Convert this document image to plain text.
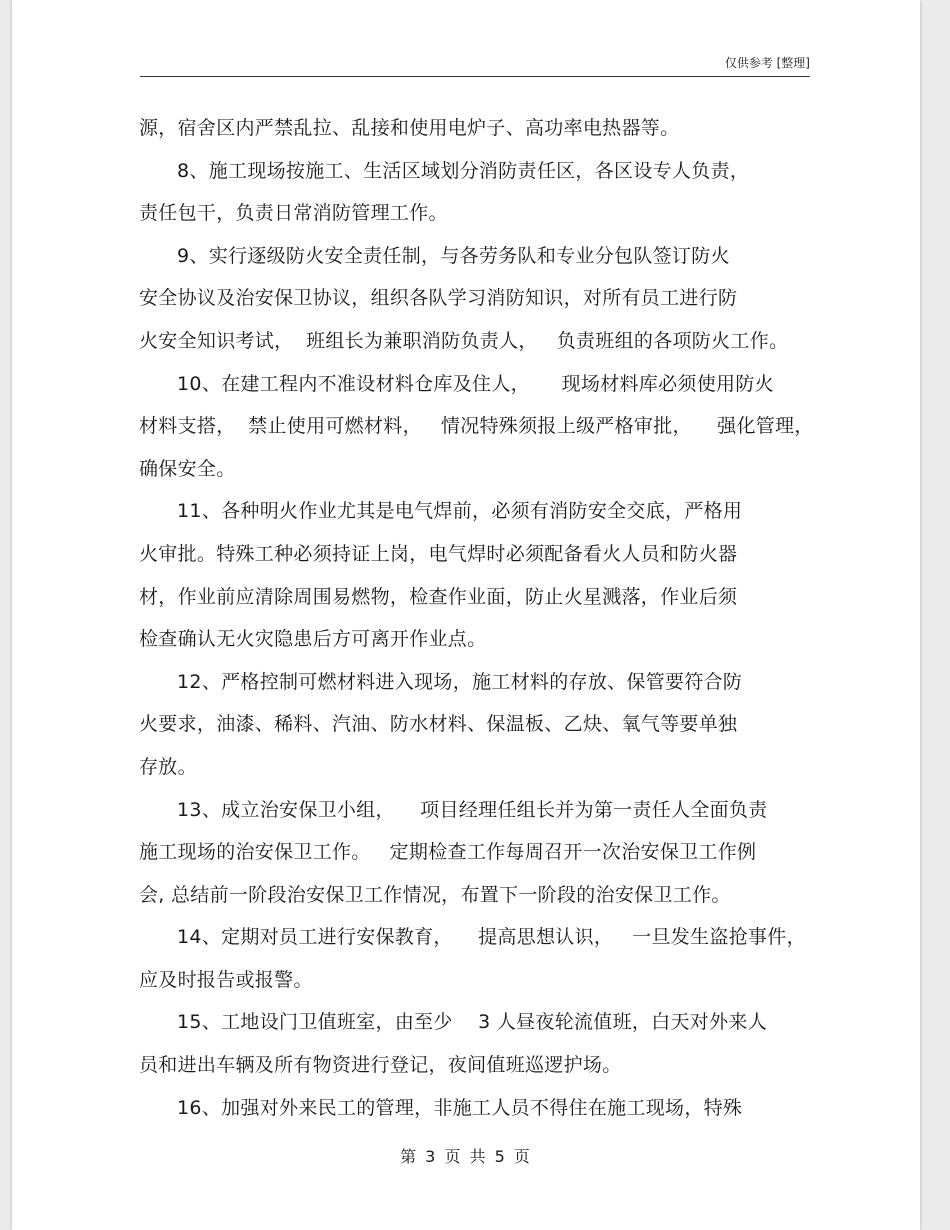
仅供参考 [整理]

源，宿舍区内严禁乱拉、乱接和使用电炉子、高功率电热器等。

8、施工现场按施工、生活区域划分消防责任区，各区设专人负责，
责任包干，负责日常消防管理工作。

9、实行逐级防火安全责任制，与各劳务队和专业分包队签订防火
安全协议及治安保卫协议，组织各队学习消防知识，对所有员工进行防
火安全知识考试，  班组长为兼职消防负责人，   负责班组的各项防火工作。

10、在建工程内不准设材料仓库及住人，     现场材料库必须使用防火
材料支搭，  禁止使用可燃材料，   情况特殊须报上级严格审批，    强化管理，
确保安全。

11、各种明火作业尤其是电气焊前，必须有消防安全交底，严格用
火审批。特殊工种必须持证上岗，电气焊时必须配备看火人员和防火器
材，作业前应清除周围易燃物，检查作业面，防止火星溅落，作业后须
检查确认无火灾隐患后方可离开作业点。

12、严格控制可燃材料进入现场，施工材料的存放、保管要符合防
火要求，油漆、稀料、汽油、防水材料、保温板、乙炔、氧气等要单独
存放。

13、成立治安保卫小组，    项目经理任组长并为第一责任人全面负责
施工现场的治安保卫工作。   定期检查工作每周召开一次治安保卫工作例
会, 总结前一阶段治安保卫工作情况，布置下一阶段的治安保卫工作。

14、定期对员工进行安保教育，    提高思想认识，   一旦发生盗抢事件，
应及时报告或报警。

15、工地设门卫值班室，由至少    3 人昼夜轮流值班，白天对外来人
员和进出车辆及所有物资进行登记，夜间值班巡逻护场。

16、加强对外来民工的管理，非施工人员不得住在施工现场，特殊

第 3 页 共 5 页
